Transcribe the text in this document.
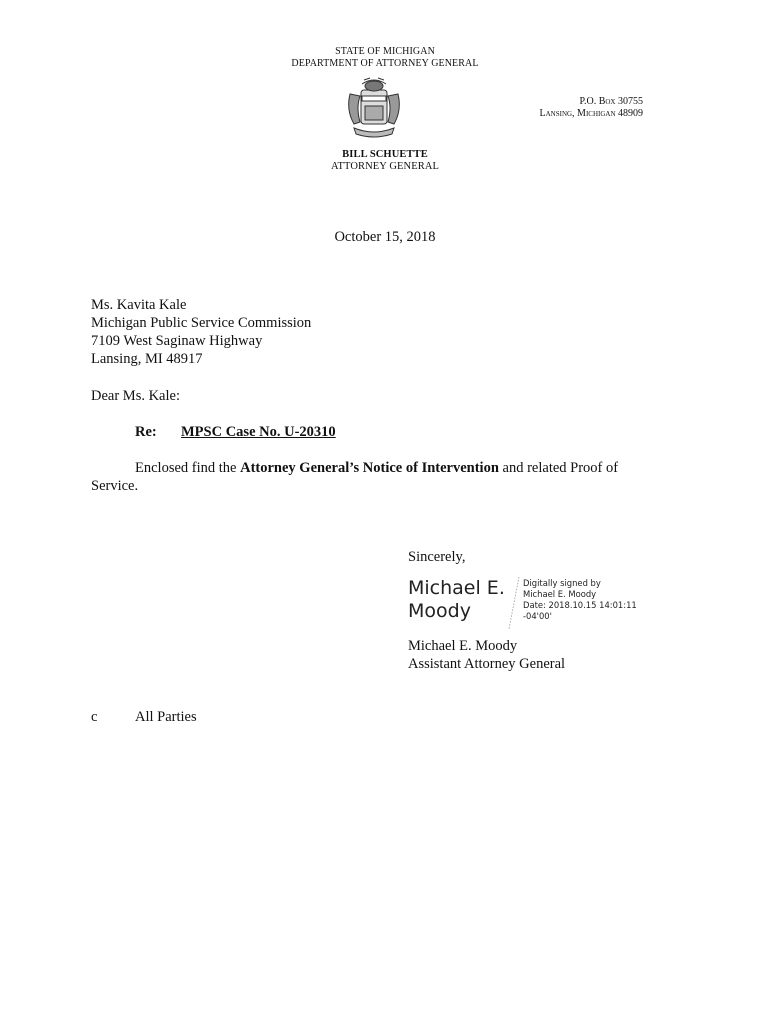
STATE OF MICHIGAN
DEPARTMENT OF ATTORNEY GENERAL
P.O. Box 30755
Lansing, Michigan 48909
BILL SCHUETTE
ATTORNEY GENERAL
October 15, 2018
Ms. Kavita Kale
Michigan Public Service Commission
7109 West Saginaw Highway
Lansing, MI 48917
Dear Ms. Kale:
Re: MPSC Case No. U-20310
Enclosed find the Attorney General’s Notice of Intervention and related Proof of
Service.
Sincerely,
Michael E.
Moody
Digitally signed by
Michael E. Moody
Date: 2018.10.15 14:01:11
-04'00'
Michael E. Moody
Assistant Attorney General
c	All Parties
